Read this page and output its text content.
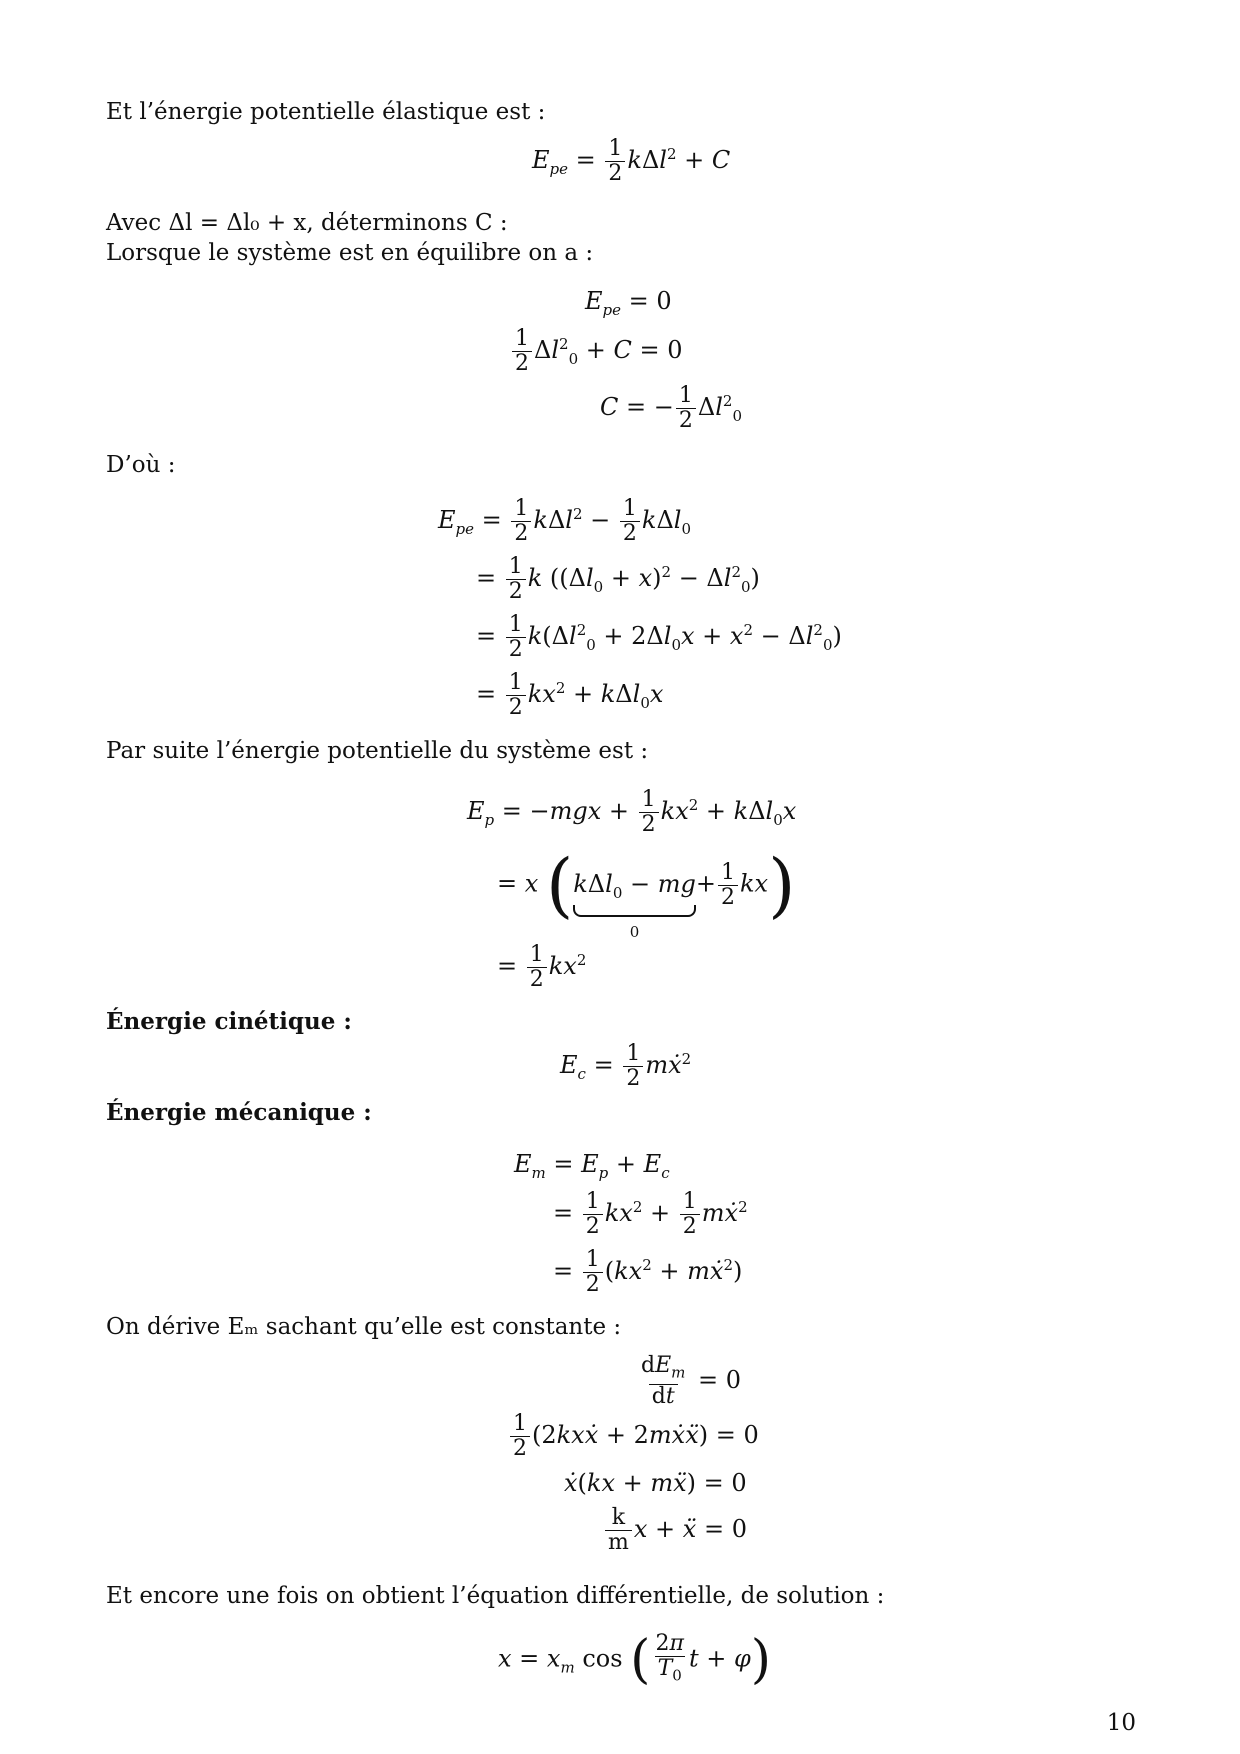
Et l’énergie potentielle élastique est :
$E_{pe} = \frac{1}{2} k\Delta l^2 + C$
Avec Δl = Δl₀ + x, déterminons C :
Lorsque le système est en équilibre on a :
$E_{pe} = 0$
$\frac{1}{2} \Delta l^2_0 + C = 0$
C = − $\frac{1}{2} \Delta l^2_0$
D’où :
$E_{pe} = \frac{1}{2} k\Delta l^2 - \frac{1}{2} k\Delta l_0$
= $\frac{1}{2}$ k $((\Delta l_0 + x)^2 - \Delta l^2_0)$
= $\frac{1}{2} k(\Delta l^2_0 + 2\Delta l_0x + x^2 - \Delta l^2_0)$
= $\frac{1}{2} kx^2 + k\Delta l_0x$
Par suite l’énergie potentielle du système est :
$E_p = -mgx + \frac{1}{2} kx^2 + k\Delta l_0x$
= x (kΔl$_0$ − mg
0
+ $\frac{1}{2} kx$)
= $\frac{1}{2} kx^2$
Énergie cinétique :
$E_c = \frac{1}{2}$ mẋ$^2$
Énergie mécanique :
$E_m = E_p + E_c$
= $\frac{1}{2} kx^2 + \frac{1}{2}$ mẋ$^2$
= $\frac{1}{2} (kx^2$ + mẋ$^2$)
On dérive Eₘ sachant qu’elle est constante :
$\frac{dE_m}{dt} = 0$
$\frac{1}{2}$ (2kxẋ + 2mẋẍ) = 0
ẋ(kx + mẍ) = 0
$\frac{k}{m}$ x + ẍ = 0
Et encore une fois on obtient l’équation différentielle, de solution :
$x = x_m$ cos ( $\frac{2\pi}{T_0}$ t + φ)
10
